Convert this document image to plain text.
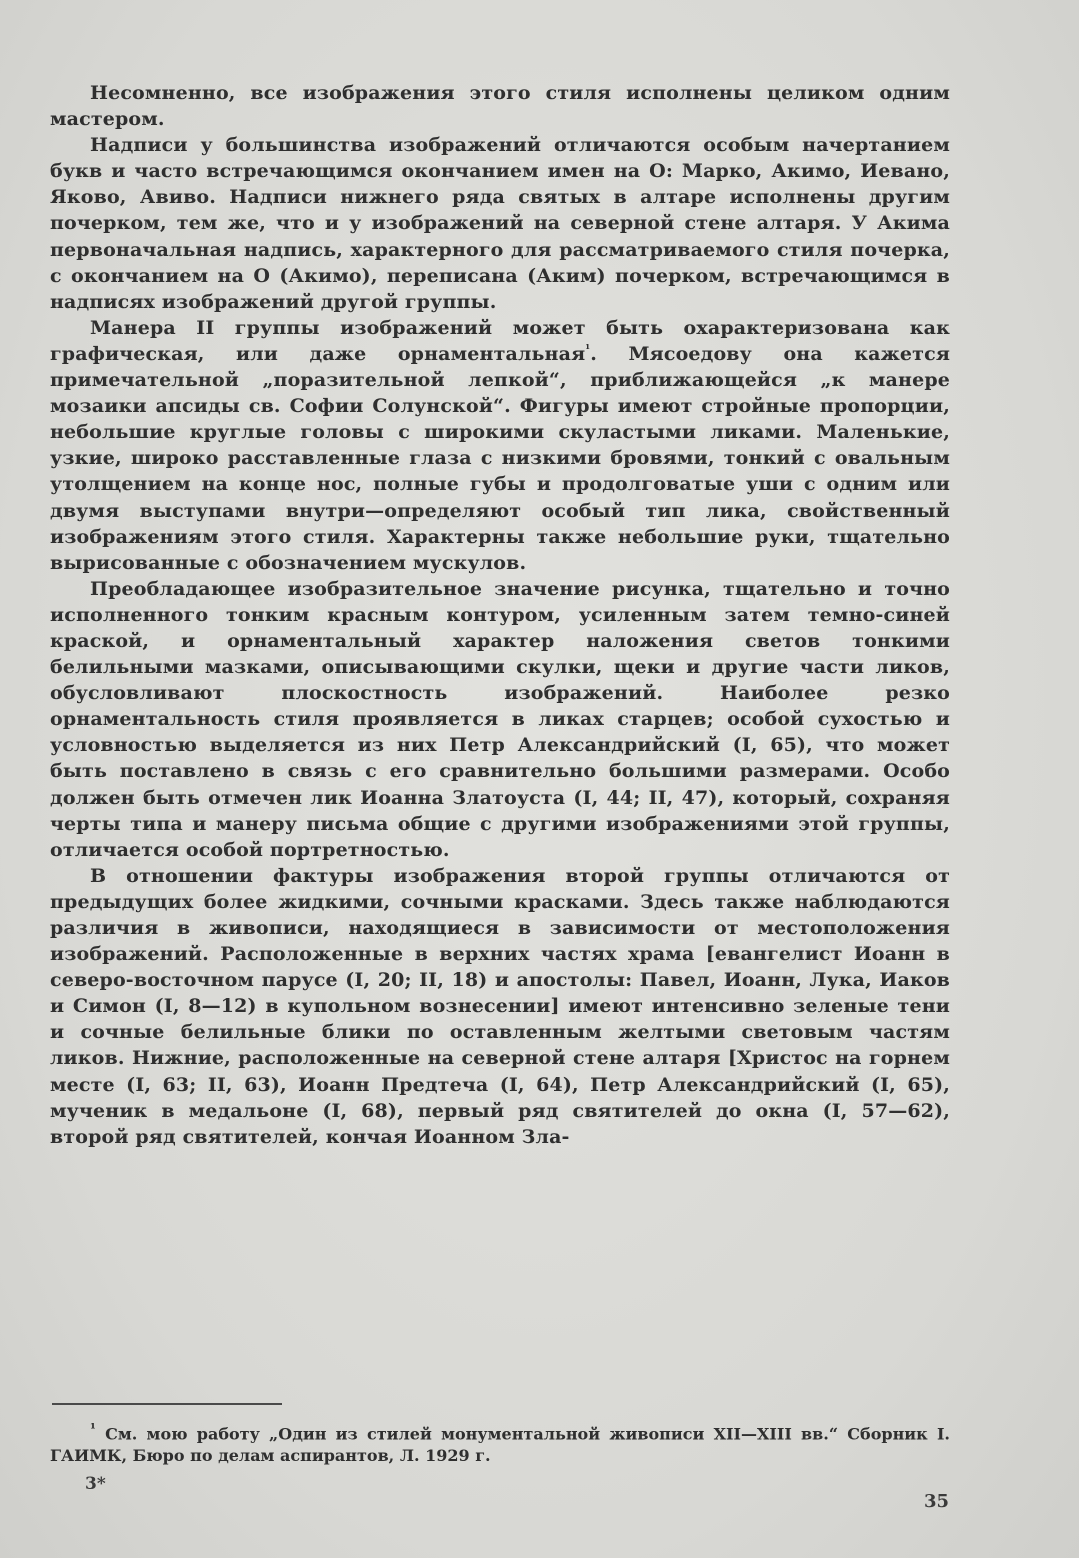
Несомненно, все изображения этого стиля исполнены целиком одним мастером.

Надписи у большинства изображений отличаются особым начертанием букв и часто встречающимся окончанием имен на О: Марко, Акимо, Иевано, Яково, Авиво. Надписи нижнего ряда святых в алтаре исполнены другим почерком, тем же, что и у изображений на северной стене алтаря. У Акима первоначальная надпись, характерного для рассматриваемого стиля почерка, с окончанием на О (Акимо), переписана (Аким) почерком, встречающимся в надписях изображений другой группы.

Манера II группы изображений может быть охарактеризована как графическая, или даже орнаментальная$^{^1}$. Мясоедову она кажется примечательной „поразительной лепкой“, приближающейся „к манере мозаики апсиды св. Софии Солунской“. Фигуры имеют стройные пропорции, небольшие круглые головы с широкими скуластыми ликами. Маленькие, узкие, широко расставленные глаза с низкими бровями, тонкий с овальным утолщением на конце нос, полные губы и продолговатые уши с одним или двумя выступами внутри—определяют особый тип лика, свойственный изображениям этого стиля. Характерны также небольшие руки, тщательно вырисованные с обозначением мускулов.

Преобладающее изобразительное значение рисунка, тщательно и точно исполненного тонким красным контуром, усиленным затем темно-синей краской, и орнаментальный характер наложения светов тонкими белильными мазками, описывающими скулки, щеки и другие части ликов, обусловливают плоскостность изображений. Наиболее резко орнаментальность стиля проявляется в ликах старцев; особой сухостью и условностью выделяется из них Петр Александрийский (I, 65), что может быть поставлено в связь с его сравнительно большими размерами. Особо должен быть отмечен лик Иоанна Златоуста (I, 44; II, 47), который, сохраняя черты типа и манеру письма общие с другими изображениями этой группы, отличается особой портретностью.

В отношении фактуры изображения второй группы отличаются от предыдущих более жидкими, сочными красками. Здесь также наблюдаются различия в живописи, находящиеся в зависимости от местоположения изображений. Расположенные в верхних частях храма [евангелист Иоанн в северо-восточном парусе (I, 20; II, 18) и апостолы: Павел, Иоанн, Лука, Иаков и Симон (I, 8—12) в купольном вознесении] имеют интенсивно зеленые тени и сочные белильные блики по оставленным желтыми световым частям ликов. Нижние, расположенные на северной стене алтаря [Христос на горнем месте (I, 63; II, 63), Иоанн Предтеча (I, 64), Петр Александрийский (I, 65), мученик в медальоне (I, 68), первый ряд святителей до окна (I, 57—62), второй ряд святителей, кончая Иоанном Зла-

$^{^1}$ См. мою работу „Один из стилей монументальной живописи XII—XIII вв.“ Сборник I. ГАИМК, Бюро по делам аспирантов, Л. 1929 г.
3*
35
